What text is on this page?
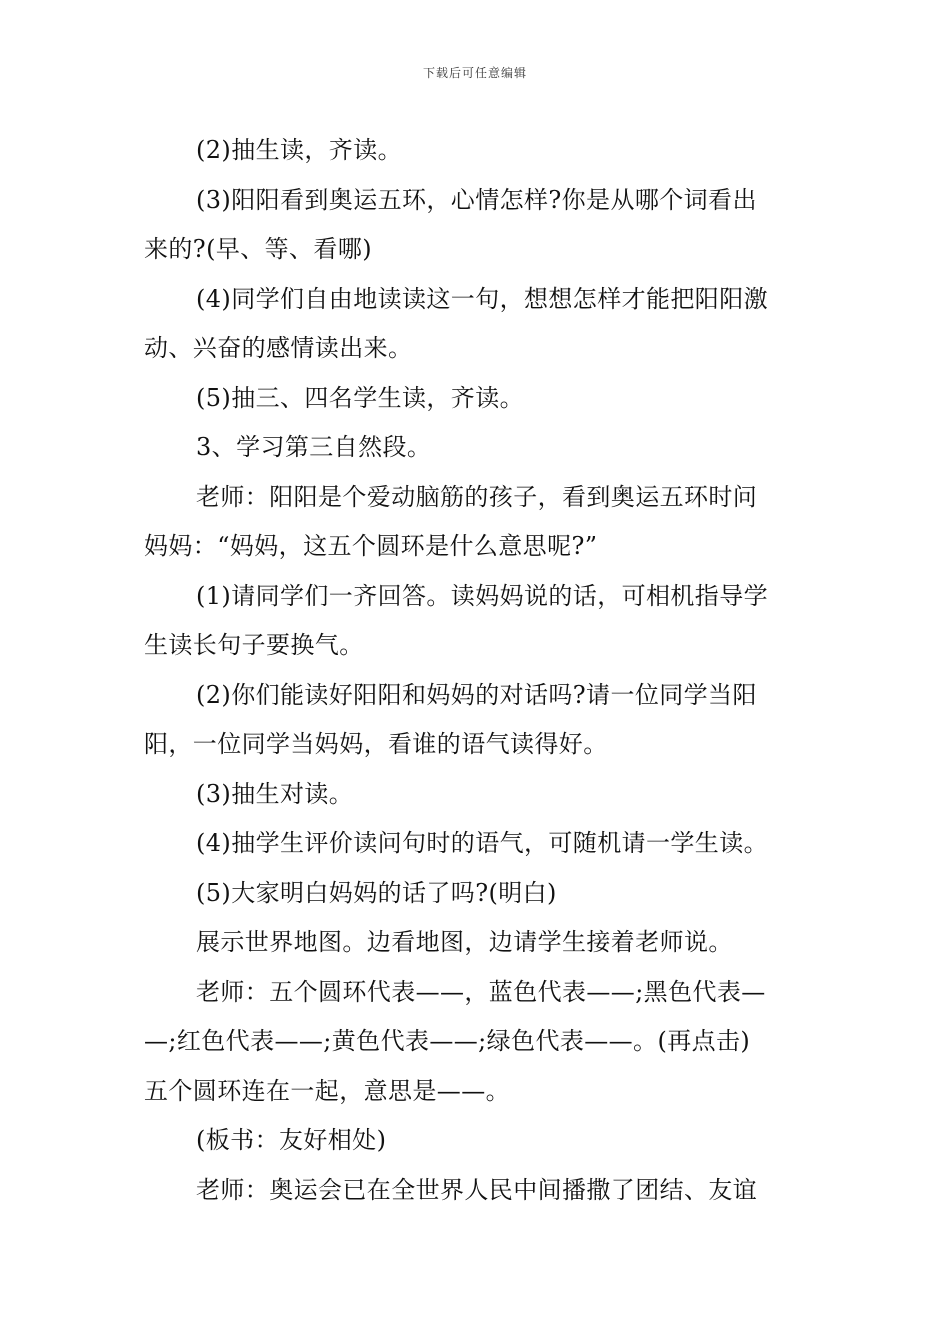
下载后可任意编辑

(2)抽生读，齐读。

(3)阳阳看到奥运五环，心情怎样?你是从哪个词看出

来的?(早、等、看哪)

(4)同学们自由地读读这一句，想想怎样才能把阳阳激

动、兴奋的感情读出来。

(5)抽三、四名学生读，齐读。

3、学习第三自然段。

老师：阳阳是个爱动脑筋的孩子，看到奥运五环时问

妈妈：“妈妈，这五个圆环是什么意思呢?”

(1)请同学们一齐回答。读妈妈说的话，可相机指导学

生读长句子要换气。

(2)你们能读好阳阳和妈妈的对话吗?请一位同学当阳

阳，一位同学当妈妈，看谁的语气读得好。

(3)抽生对读。

(4)抽学生评价读问句时的语气，可随机请一学生读。

(5)大家明白妈妈的话了吗?(明白)

展示世界地图。边看地图，边请学生接着老师说。

老师：五个圆环代表——，蓝色代表——;黑色代表—

—;红色代表——;黄色代表——;绿色代表——。(再点击)

五个圆环连在一起，意思是——。

(板书：友好相处)

老师：奥运会已在全世界人民中间播撒了团结、友谊
